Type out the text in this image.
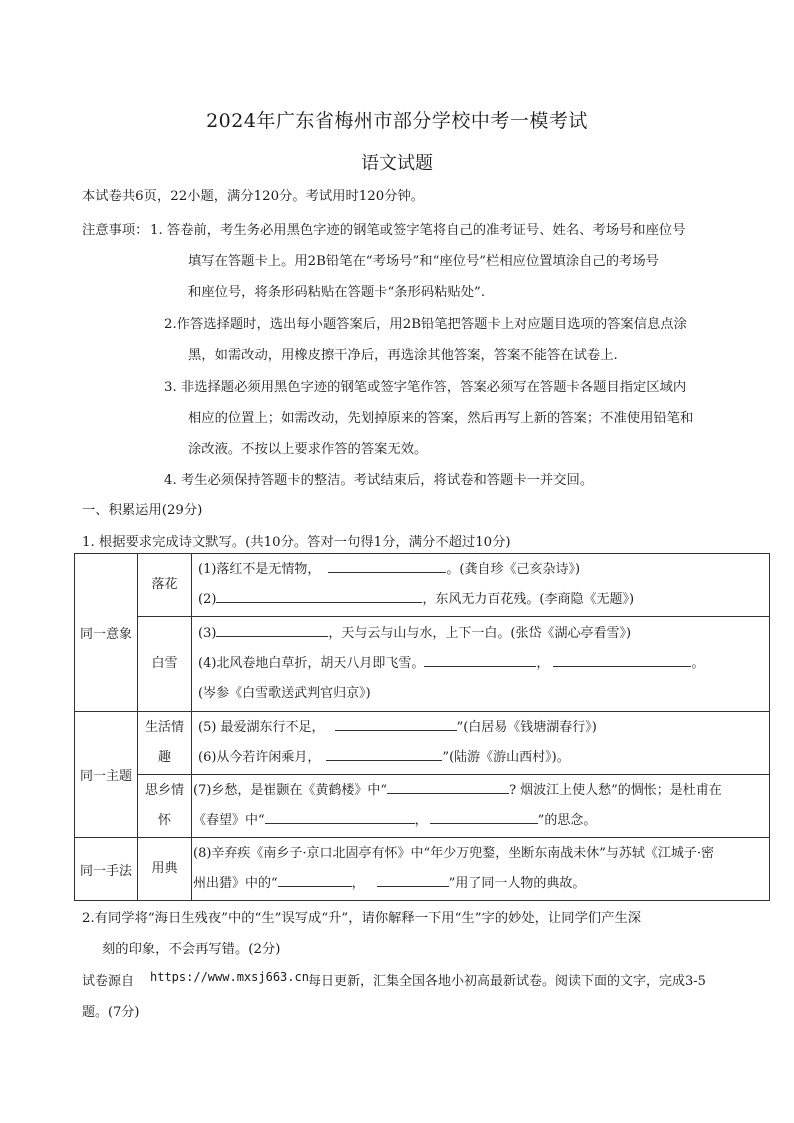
2024年广东省梅州市部分学校中考一模考试
语文试题
本试卷共6页，22小题，满分120分。考试用时120分钟。
注意事项： 1. 答卷前，考生务必用黑色字迹的钢笔或签字笔将自己的准考证号、姓名、考场号和座位号
填写在答题卡上。用2B铅笔在“考场号”和“座位号”栏相应位置填涂自己的考场号
和座位号，将条形码粘贴在答题卡“条形码粘贴处”.
2.作答选择题时，选出每小题答案后，用2B铅笔把答题卡上对应题目选项的答案信息点涂
黑，如需改动，用橡皮擦干净后，再选涂其他答案，答案不能答在试卷上.
3. 非选择题必须用黑色字迹的钢笔或签字笔作答，答案必须写在答题卡各题目指定区域内
相应的位置上；如需改动，先划掉原来的答案，然后再写上新的答案；不准使用铅笔和
涂改液。不按以上要求作答的答案无效。
4. 考生必须保持答题卡的整洁。考试结束后，将试卷和答题卡一并交回。
一、积累运用(29分)
1. 根据要求完成诗文默写。(共10分。答对一句得1分，满分不超过10分)
同一意象	落花	(1)落红不是无情物， 。(龚自珍《己亥杂诗》)
(2) ，东风无力百花残。(李商隐《无题》)

	白雪	(3) ，天与云与山与水，上下一白。(张岱《湖心亭看雪》)
(4)北风卷地白草折，胡天八月即飞雪。 ， 。
(岑参《白雪歌送武判官归京》)

同一主题	生活情
趣	(5) 最爱湖东行不足， ”(白居易《钱塘湖春行》)
(6)从今若许闲乘月， ”(陆游《游山西村》)。

	思乡情
怀	(7)乡愁，是崔颢在《黄鹤楼》中“ ? 烟波江上使人愁”的惆怅；是杜甫在
《春望》中“ ， ”的思念。

同一手法	用典	(8)辛弃疾《南乡子·京口北固亭有怀》中“年少万兜鍪，坐断东南战未休”与苏轼《江城子·密
州出猎》中的“ ， ”用了同一人物的典故。
2.有同学将“海日生残夜”中的“生”误写成“升”，请你解释一下用“生”字的妙处，让同学们产生深
刻的印象，不会再写错。(2分)
试卷源自 https://www.mxsj663.cn 每日更新，汇集全国各地小初高最新试卷。阅读下面的文字，完成3-5
题。(7分)
